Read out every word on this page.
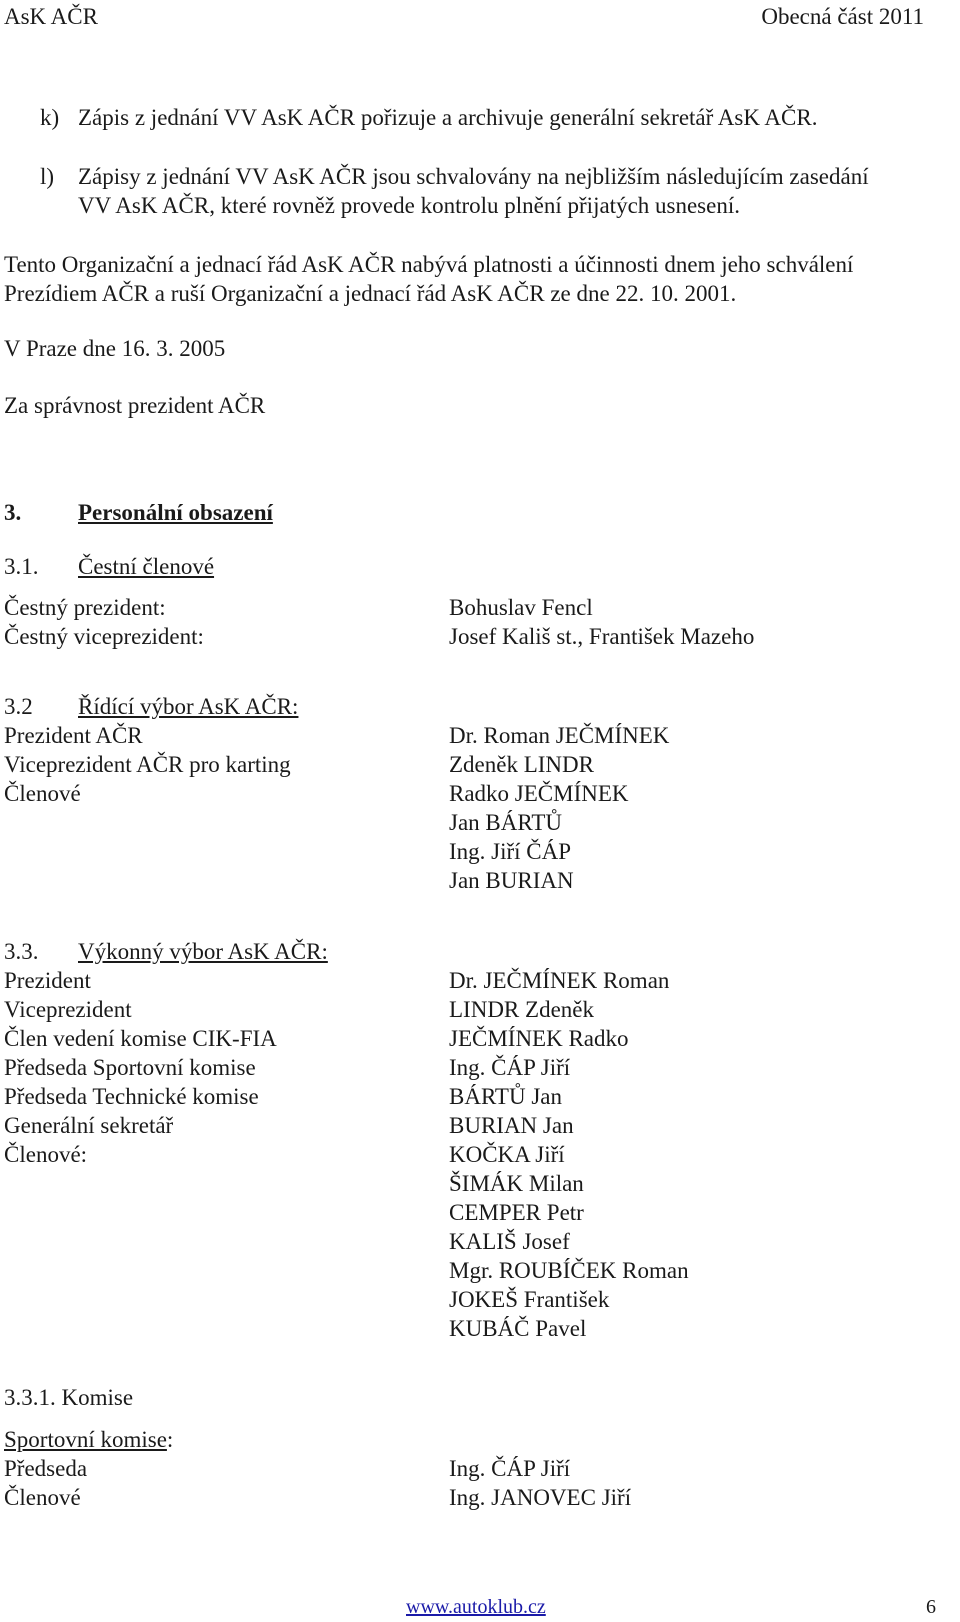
AsK AČR	Obecná část 2011
k) Zápis z jednání VV AsK AČR pořizuje a archivuje generální sekretář AsK AČR.
l) Zápisy z jednání VV AsK AČR jsou schvalovány na nejbližším následujícím zasedání
VV AsK AČR, které rovněž provede kontrolu plnění přijatých usnesení.
Tento Organizační a jednací řád AsK AČR nabývá platnosti a účinnosti dnem jeho schválení
Prezídiem AČR a ruší Organizační a jednací řád AsK AČR ze dne 22. 10. 2001.
V Praze dne 16. 3. 2005
Za správnost prezident AČR
3. Personální obsazení
3.1. Čestní členové
Čestný prezident:
Čestný viceprezident:
Bohuslav Fencl
Josef Kališ st., František Mazeho
3.2 Řídící výbor AsK AČR:
Prezident AČR
Viceprezident AČR pro karting
Členové
Dr. Roman JEČMÍNEK
Zdeněk LINDR
Radko JEČMÍNEK
Jan BÁRTŮ
Ing. Jiří ČÁP
Jan BURIAN
3.3. Výkonný výbor AsK AČR:
Prezident
Viceprezident
Člen vedení komise CIK-FIA
Předseda Sportovní komise
Předseda Technické komise
Generální sekretář
Členové:
Dr. JEČMÍNEK Roman
LINDR Zdeněk
JEČMÍNEK Radko
Ing. ČÁP Jiří
BÁRTŮ Jan
BURIAN Jan
KOČKA Jiří
ŠIMÁK Milan
CEMPER Petr
KALIŠ Josef
Mgr. ROUBÍČEK Roman
JOKEŠ František
KUBÁČ Pavel
3.3.1. Komise
Sportovní komise:
Předseda
Členové
Ing. ČÁP Jiří
Ing. JANOVEC Jiří
www.autoklub.cz	6
